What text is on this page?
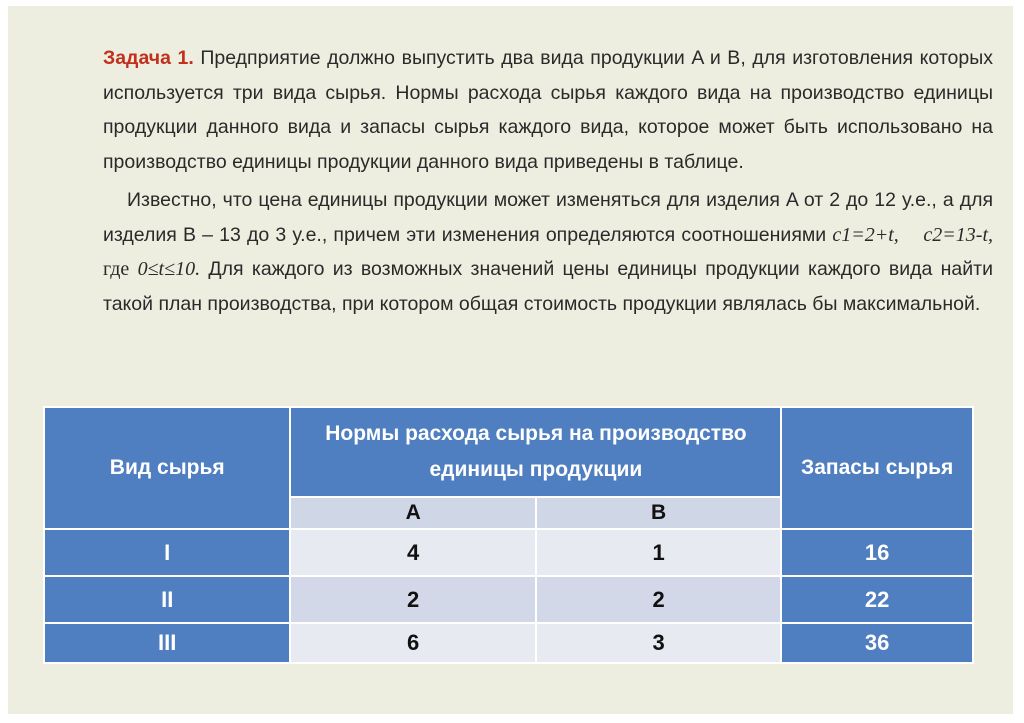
Задача 1. Предприятие должно выпустить два вида продукции A и B, для изготовления которых используется три вида сырья. Нормы расхода сырья каждого вида на производство единицы продукции данного вида и запасы сырья каждого вида, которое может быть использовано на производство единицы продукции данного вида приведены в таблице.

Известно, что цена единицы продукции может изменяться для изделия A от 2 до 12 у.е., а для изделия B – 13 до 3 у.е., причем эти изменения определяются соотношениями c1=2+t, c2=13-t, где 0≤t≤10. Для каждого из возможных значений цены единицы продукции каждого вида найти такой план производства, при котором общая стоимость продукции являлась бы максимальной.

Вид сырья	Нормы расхода сырья на производство единицы продукции		Запасы сырья
	A	B	
I	4	1	16
II	2	2	22
III	6	3	36
